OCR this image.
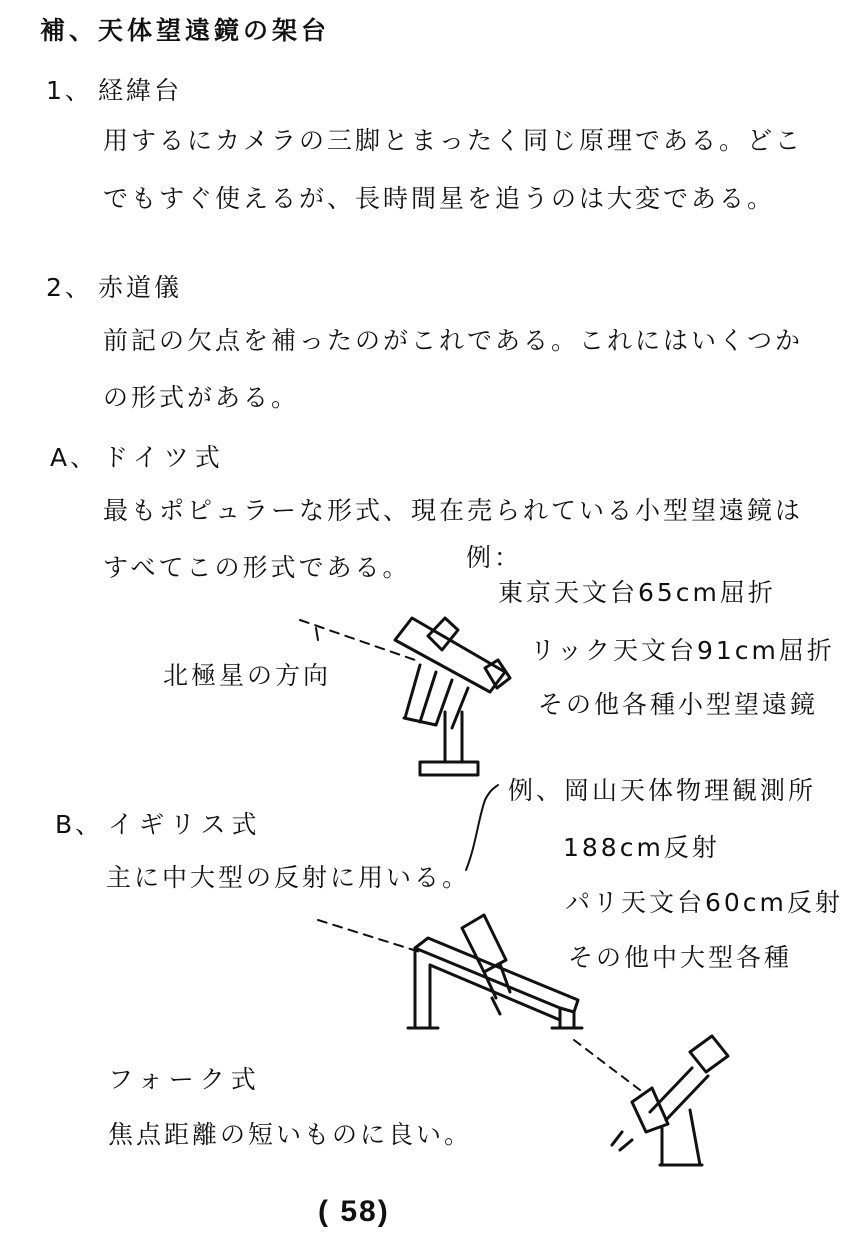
補、天体望遠鏡の架台
1、 経緯台
用するにカメラの三脚とまったく同じ原理である。どこ
でもすぐ使えるが、長時間星を追うのは大変である。
2、 赤道儀
前記の欠点を補ったのがこれである。これにはいくつか
の形式がある。
A、 ドイツ式
最もポピュラーな形式、現在売られている小型望遠鏡は
すべてこの形式である。 例：
東京天文台65cm屈折
リック天文台91cm屈折
その他各種小型望遠鏡
北極星の方向
B、 イギリス式
主に中大型の反射に用いる。
例、岡山天体物理観測所
188cm反射
パリ天文台60cm反射
その他中大型各種
フォーク式
焦点距離の短いものに良い。
( 58)
